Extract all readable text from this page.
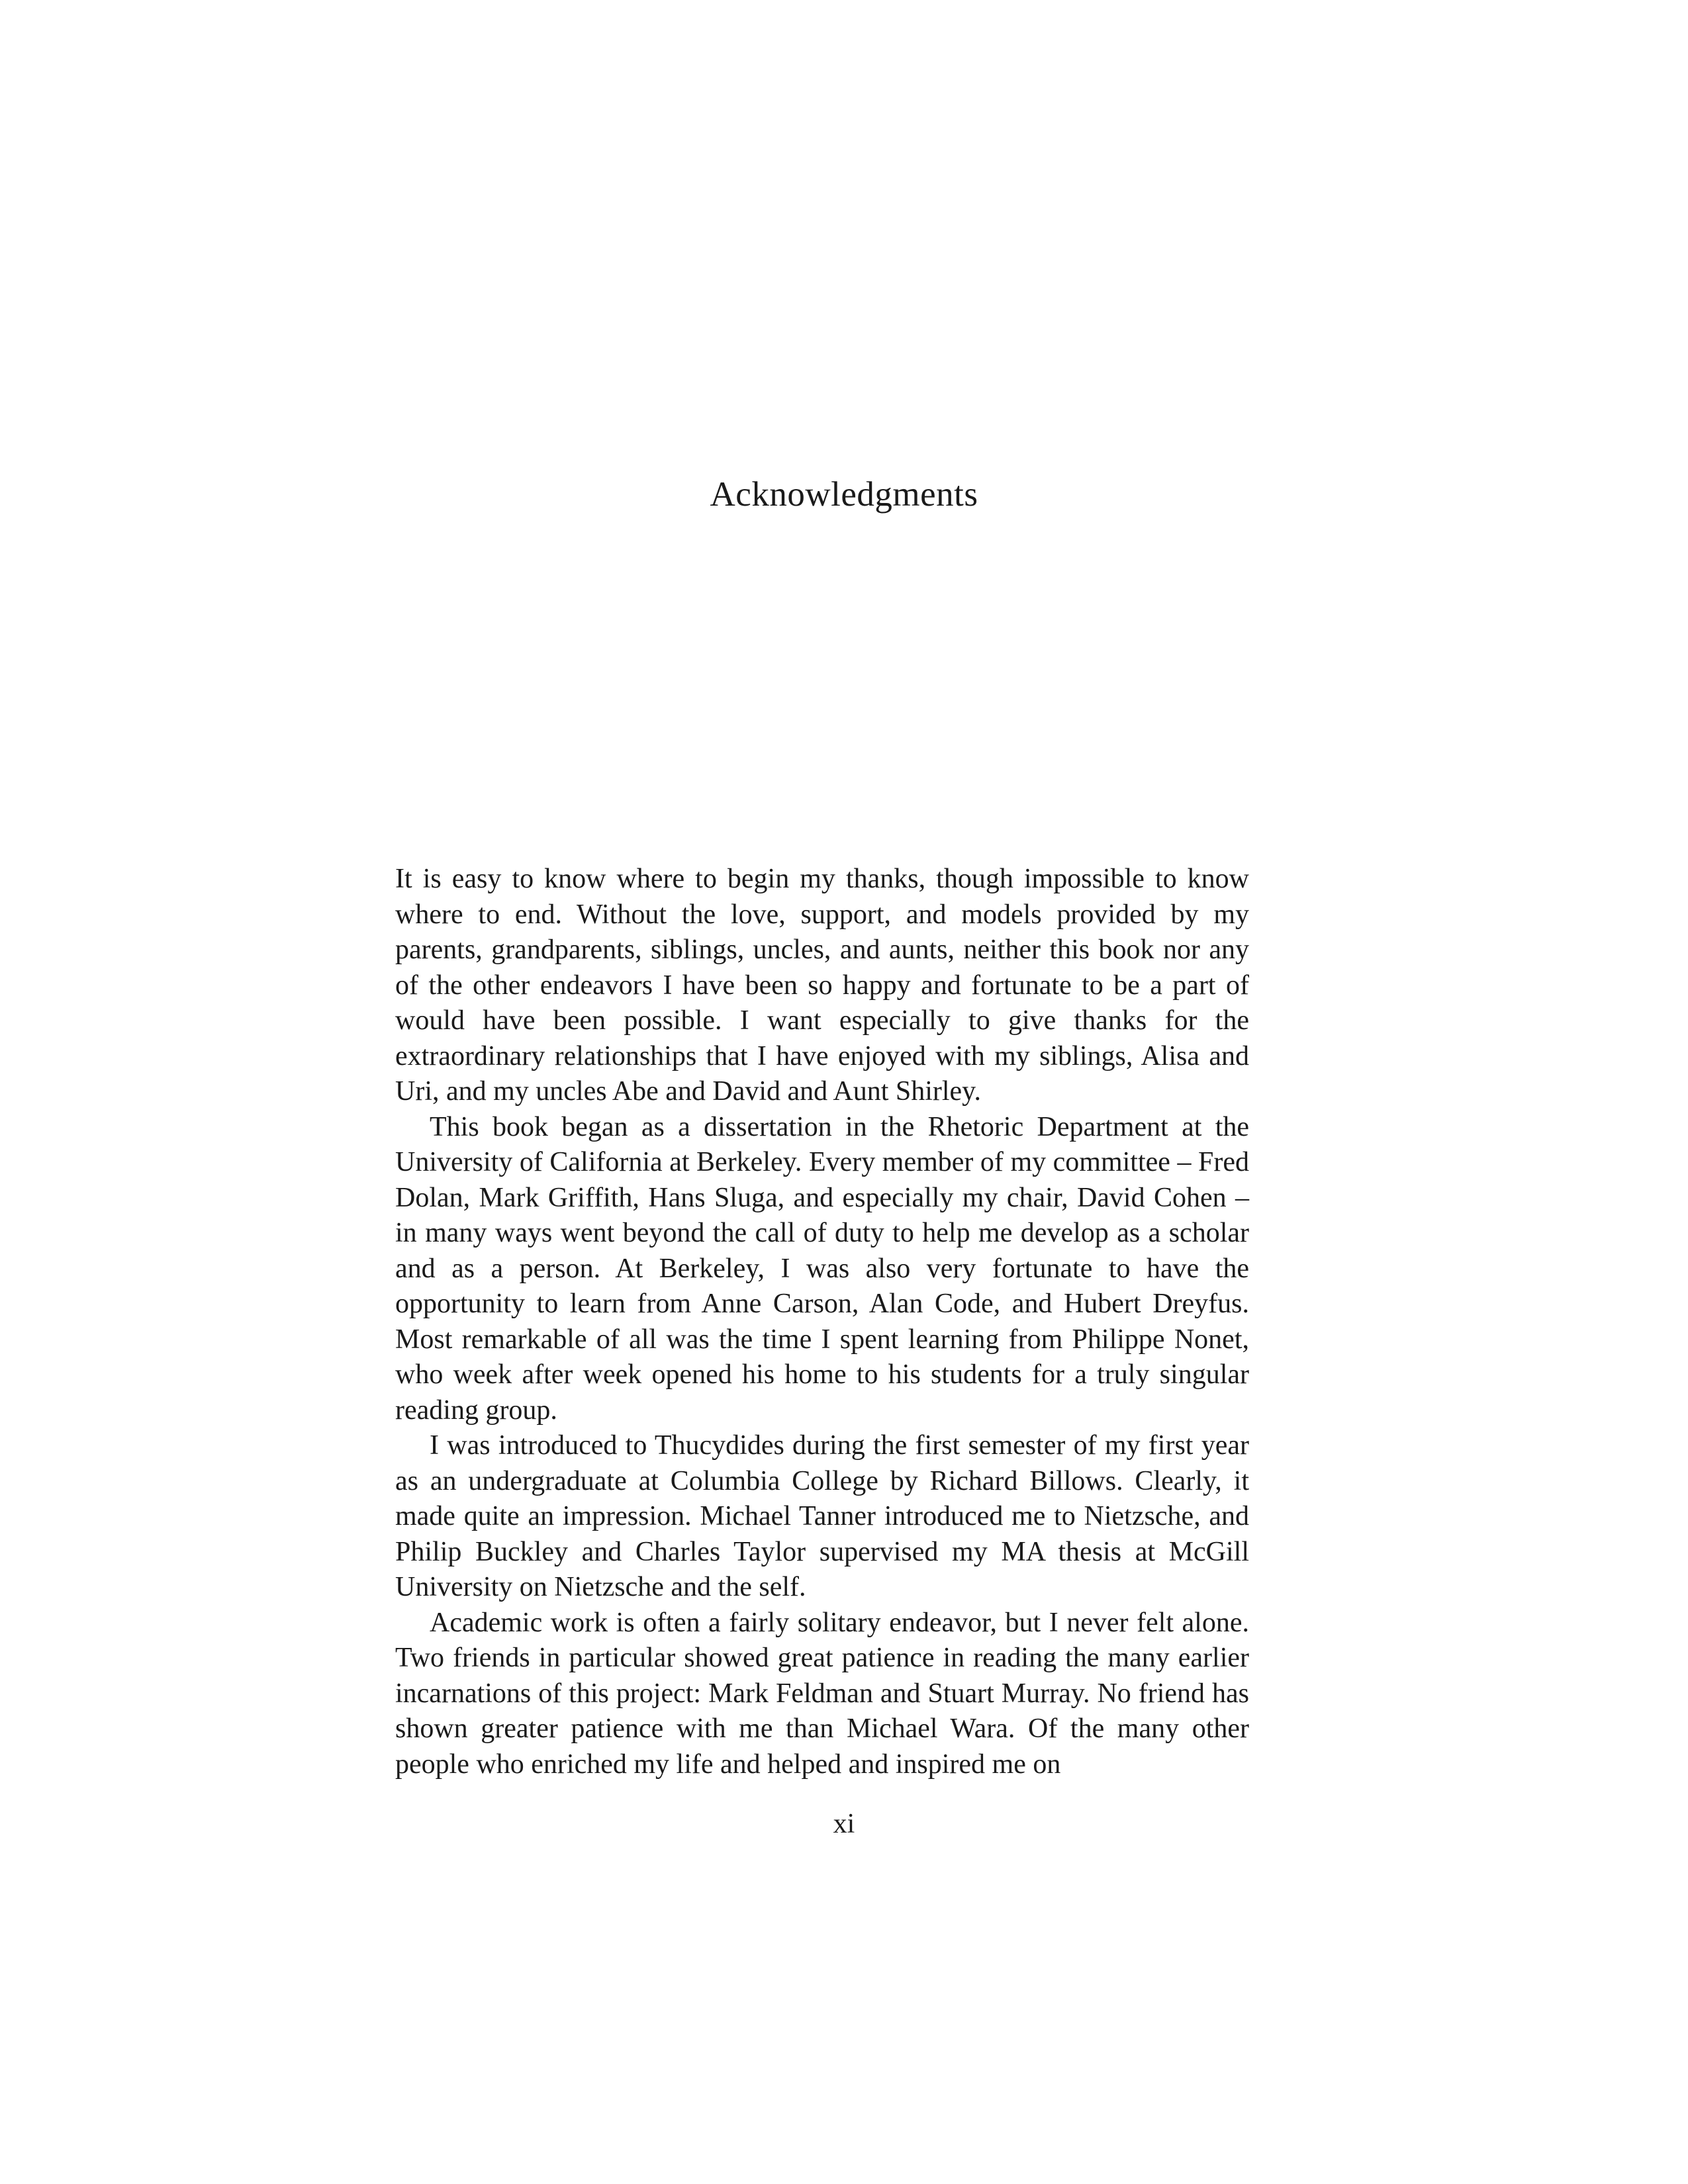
Acknowledgments

It is easy to know where to begin my thanks, though impossible to know where to end. Without the love, support, and models provided by my parents, grandparents, siblings, uncles, and aunts, neither this book nor any of the other endeavors I have been so happy and fortunate to be a part of would have been possible. I want especially to give thanks for the extraordinary relationships that I have enjoyed with my siblings, Alisa and Uri, and my uncles Abe and David and Aunt Shirley.

This book began as a dissertation in the Rhetoric Department at the University of California at Berkeley. Every member of my committee – Fred Dolan, Mark Griffith, Hans Sluga, and especially my chair, David Cohen – in many ways went beyond the call of duty to help me develop as a scholar and as a person. At Berkeley, I was also very fortunate to have the opportunity to learn from Anne Carson, Alan Code, and Hubert Dreyfus. Most remarkable of all was the time I spent learning from Philippe Nonet, who week after week opened his home to his students for a truly singular reading group.

I was introduced to Thucydides during the first semester of my first year as an undergraduate at Columbia College by Richard Billows. Clearly, it made quite an impression. Michael Tanner introduced me to Nietzsche, and Philip Buckley and Charles Taylor supervised my MA thesis at McGill University on Nietzsche and the self.

Academic work is often a fairly solitary endeavor, but I never felt alone. Two friends in particular showed great patience in reading the many earlier incarnations of this project: Mark Feldman and Stuart Murray. No friend has shown greater patience with me than Michael Wara. Of the many other people who enriched my life and helped and inspired me on

xi
